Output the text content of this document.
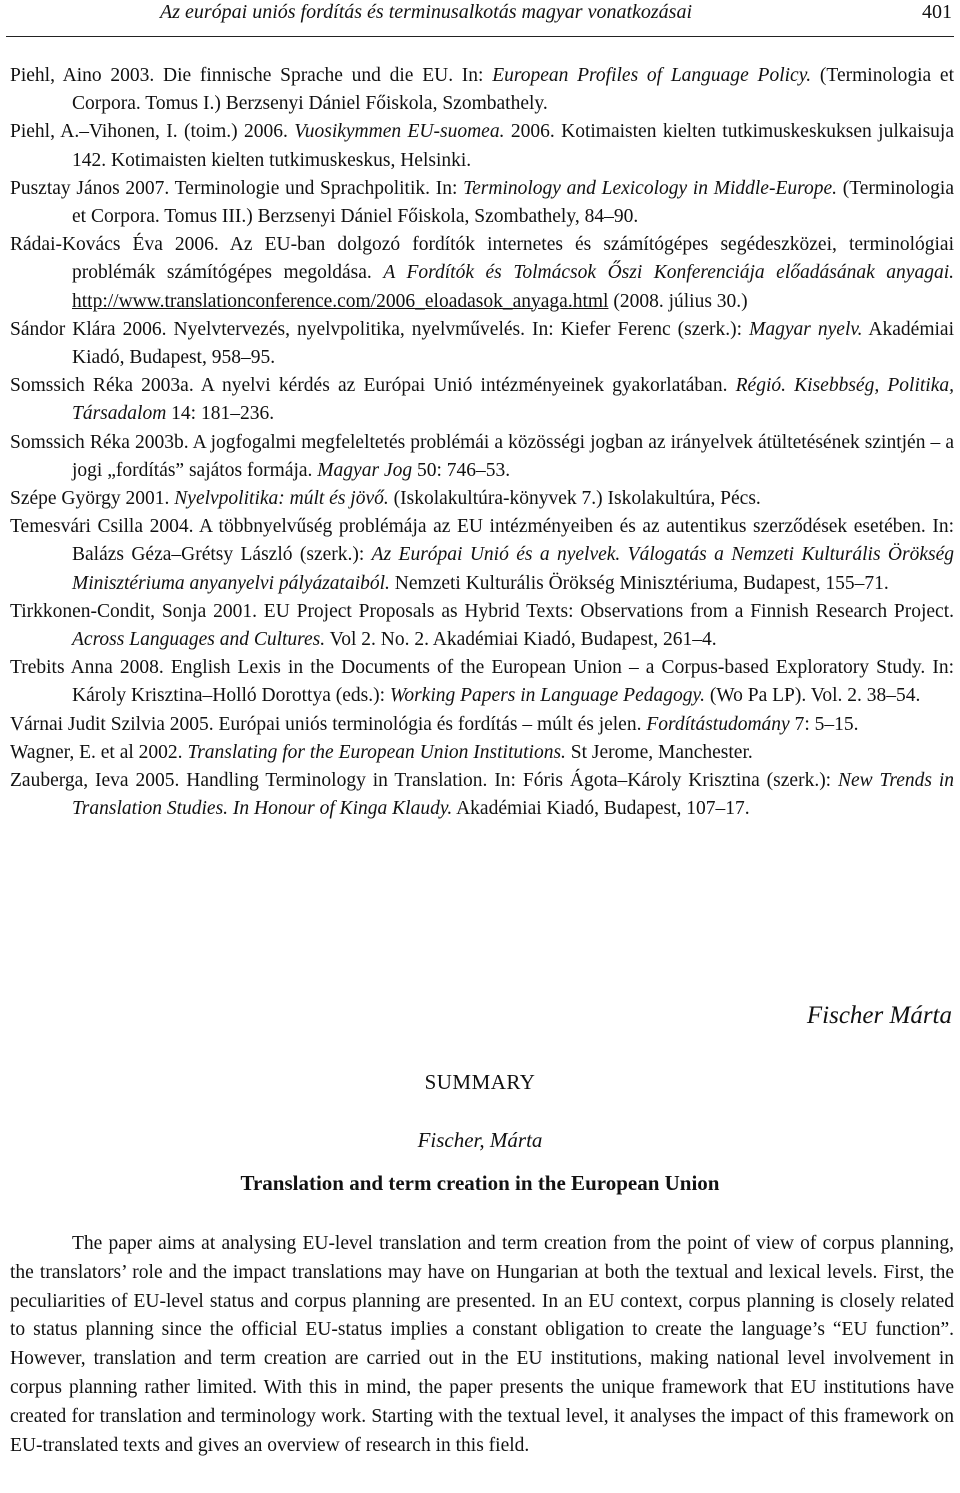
Az európai uniós fordítás és terminusalkotás magyar vonatkozásai	401
Piehl, Aino 2003. Die finnische Sprache und die EU. In: European Profiles of Language Policy. (Terminologia et Corpora. Tomus I.) Berzsenyi Dániel Főiskola, Szombathely.
Piehl, A.–Vihonen, I. (toim.) 2006. Vuosikymmen EU-suomea. 2006. Kotimaisten kielten tutkimuskeskuksen julkaisuja 142. Kotimaisten kielten tutkimuskeskus, Helsinki.
Pusztay János 2007. Terminologie und Sprachpolitik. In: Terminology and Lexicology in Middle-Europe. (Terminologia et Corpora. Tomus III.) Berzsenyi Dániel Főiskola, Szombathely, 84–90.
Rádai-Kovács Éva 2006. Az EU-ban dolgozó fordítók internetes és számítógépes segédeszközei, terminológiai problémák számítógépes megoldása. A Fordítók és Tolmácsok Őszi Konferenciája előadásának anyagai. http://www.translationconference.com/2006_eloadasok_anyaga.html (2008. július 30.)
Sándor Klára 2006. Nyelvtervezés, nyelvpolitika, nyelvművelés. In: Kiefer Ferenc (szerk.): Magyar nyelv. Akadémiai Kiadó, Budapest, 958–95.
Somssich Réka 2003a. A nyelvi kérdés az Európai Unió intézményeinek gyakorlatában. Régió. Kisebbség, Politika, Társadalom 14: 181–236.
Somssich Réka 2003b. A jogfogalmi megfeleltetés problémái a közösségi jogban az irányelvek átültetésének szintjén – a jogi „fordítás” sajátos formája. Magyar Jog 50: 746–53.
Szépe György 2001. Nyelvpolitika: múlt és jövő. (Iskolakultúra-könyvek 7.) Iskolakultúra, Pécs.
Temesvári Csilla 2004. A többnyelvűség problémája az EU intézményeiben és az autentikus szerződések esetében. In: Balázs Géza–Grétsy László (szerk.): Az Európai Unió és a nyelvek. Válogatás a Nemzeti Kulturális Örökség Minisztériuma anyanyelvi pályázataiból. Nemzeti Kulturális Örökség Minisztériuma, Budapest, 155–71.
Tirkkonen-Condit, Sonja 2001. EU Project Proposals as Hybrid Texts: Observations from a Finnish Research Project. Across Languages and Cultures. Vol 2. No. 2. Akadémiai Kiadó, Budapest, 261–4.
Trebits Anna 2008. English Lexis in the Documents of the European Union – a Corpus-based Exploratory Study. In: Károly Krisztina–Holló Dorottya (eds.): Working Papers in Language Pedagogy. (Wo Pa LP). Vol. 2. 38–54.
Várnai Judit Szilvia 2005. Európai uniós terminológia és fordítás – múlt és jelen. Fordítástudomány 7: 5–15.
Wagner, E. et al 2002. Translating for the European Union Institutions. St Jerome, Manchester.
Zauberga, Ieva 2005. Handling Terminology in Translation. In: Fóris Ágota–Károly Krisztina (szerk.): New Trends in Translation Studies. In Honour of Kinga Klaudy. Akadémiai Kiadó, Budapest, 107–17.
Fischer Márta
SUMMARY
Fischer, Márta
Translation and term creation in the European Union
The paper aims at analysing EU-level translation and term creation from the point of view of corpus planning, the translators’ role and the impact translations may have on Hungarian at both the textual and lexical levels. First, the peculiarities of EU-level status and corpus planning are presented. In an EU context, corpus planning is closely related to status planning since the official EU-status implies a constant obligation to create the language’s “EU function”. However, translation and term creation are carried out in the EU institutions, making national level involvement in corpus planning rather limited. With this in mind, the paper presents the unique framework that EU institutions have created for translation and terminology work. Starting with the textual level, it analyses the impact of this framework on EU-translated texts and gives an overview of research in this field.
